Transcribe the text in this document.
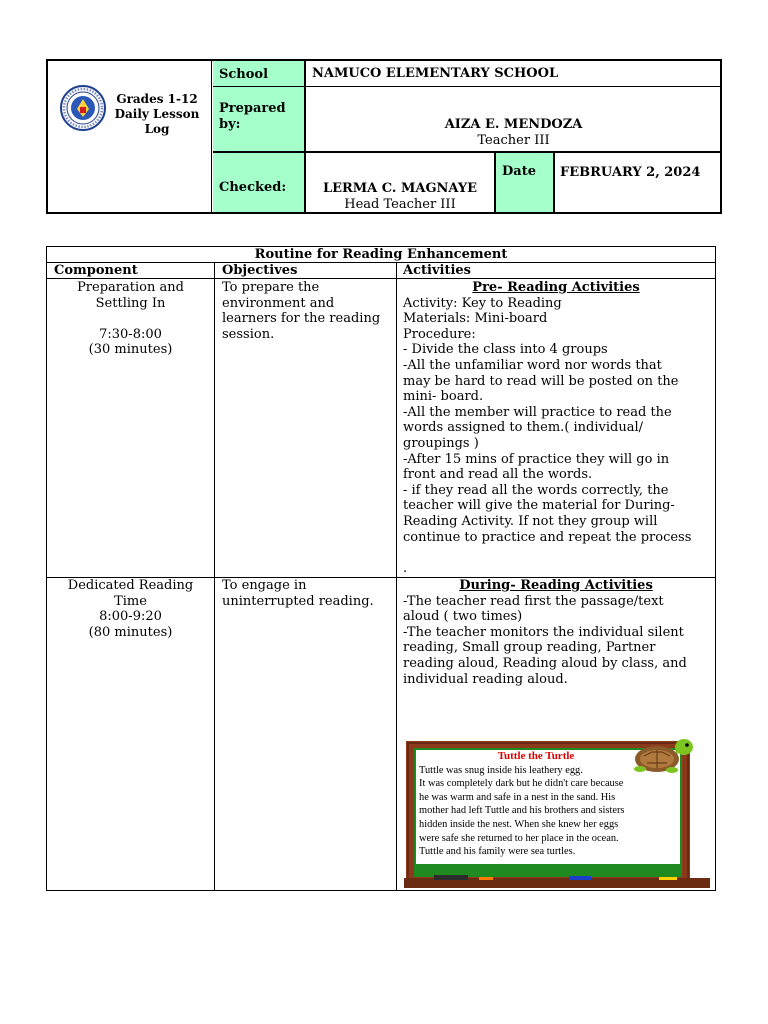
Grades 1-12
Daily Lesson
Log
School
Prepared by:
Checked:
Date
NAMUCO ELEMENTARY SCHOOL
AIZA E. MENDOZA
Teacher III
LERMA C. MAGNAYE
Head Teacher III
FEBRUARY 2, 2024
Routine for Reading Enhancement
Component	Objectives	Activities
Preparation and
Settling In

7:30-8:00
(30 minutes)
To prepare the
environment and
learners for the reading
session.
Pre- Reading Activities
Activity: Key to Reading
Materials: Mini-board
Procedure:
- Divide the class into 4 groups
-All the unfamiliar word nor words that
may be hard to read will be posted on the
mini- board.
-All the member will practice to read the
words assigned to them.( individual/
groupings )
-After 15 mins of practice they will go in
front and read all the words.
- if they read all the words correctly, the
teacher will give the material for During-
Reading Activity. If not they group will
continue to practice and repeat the process

.
Dedicated Reading
Time
8:00-9:20
(80 minutes)
To engage in
uninterrupted reading.
During- Reading Activities
-The teacher read first the passage/text
aloud ( two times)
-The teacher monitors the individual silent
reading, Small group reading, Partner
reading aloud, Reading aloud by class, and
individual reading aloud.
Tuttle the Turtle
Tuttle was snug inside his leathery egg.
It was completely dark but he didn't care because
he was warm and safe in a nest in the sand. His
mother had left Tuttle and his brothers and sisters
hidden inside the nest. When she knew her eggs
were safe she returned to her place in the ocean.
Tuttle and his family were sea turtles.
